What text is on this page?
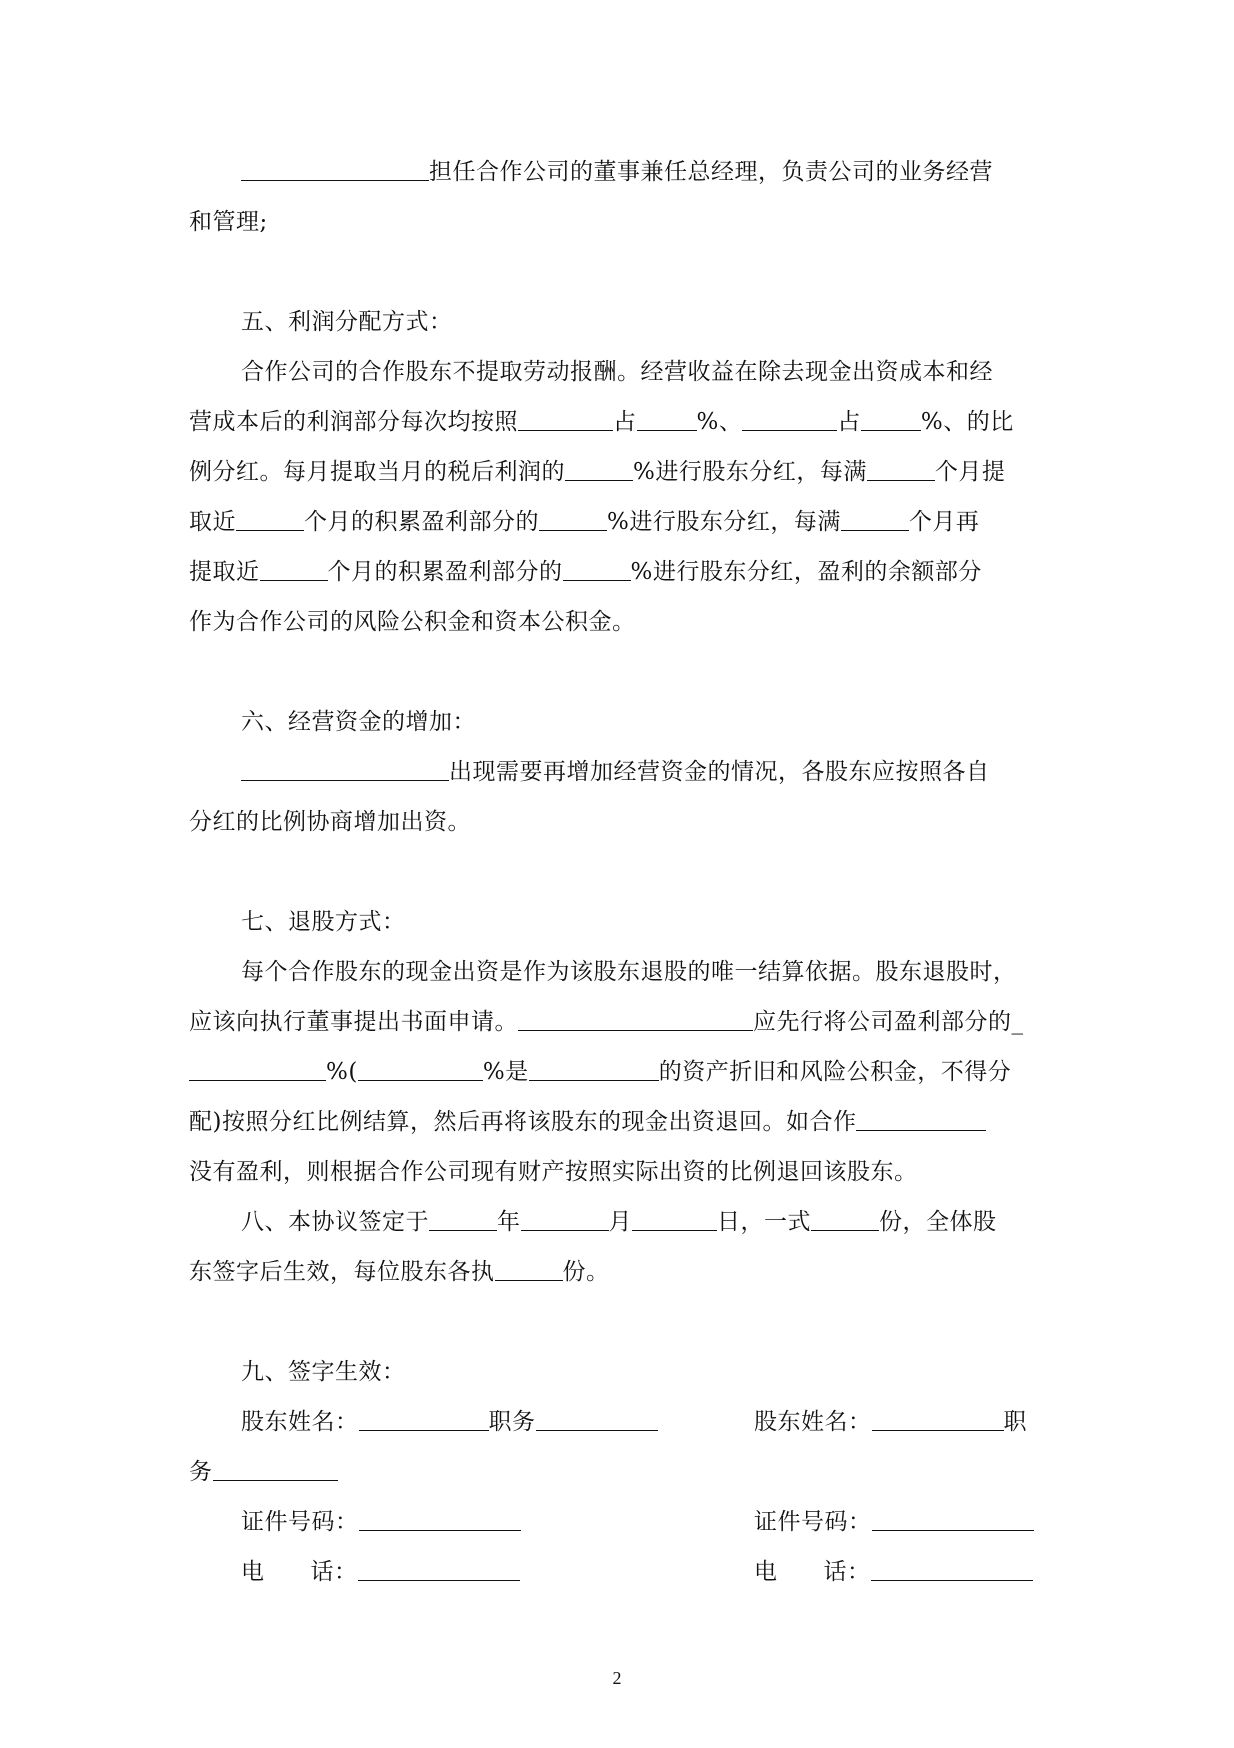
担任合作公司的董事兼任总经理，负责公司的业务经营
和管理;
五、利润分配方式：
合作公司的合作股东不提取劳动报酬。经营收益在除去现金出资成本和经
营成本后的利润部分每次均按照	占	%、	占	%、的比
例分红。每月提取当月的税后利润的	%进行股东分红，每满	个月提
取近	个月的积累盈利部分的	%进行股东分红，每满	个月再
提取近	个月的积累盈利部分的	%进行股东分红，盈利的余额部分
作为合作公司的风险公积金和资本公积金。
六、经营资金的增加：
出现需要再增加经营资金的情况，各股东应按照各自
分红的比例协商增加出资。
七、退股方式：
每个合作股东的现金出资是作为该股东退股的唯一结算依据。股东退股时，
应该向执行董事提出书面申请。	应先行将公司盈利部分的_
%(	%是	的资产折旧和风险公积金，不得分
配)按照分红比例结算，然后再将该股东的现金出资退回。如合作
没有盈利，则根据合作公司现有财产按照实际出资的比例退回该股东。
八、本协议签定于	年	月	日，一式	份，全体股
东签字后生效，每位股东各执	份。
九、签字生效：
股东姓名：	职务	股东姓名：	职
务
证件号码：	证件号码：
电 话：	电 话：
2
